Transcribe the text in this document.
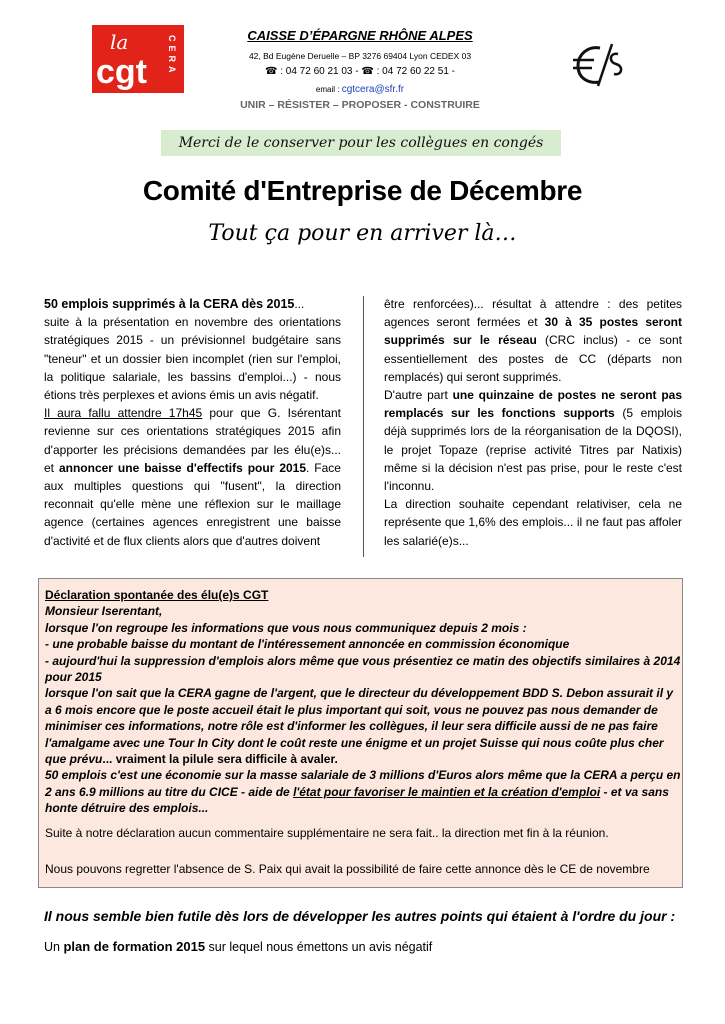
la
cgt CERA	CAISSE D’ÉPARGNE RHÔNE ALPES
42, Bd Eugène Deruelle – BP 3276 69404 Lyon CEDEX 03
☎ : 04 72 60 21 03 - ☎ : 04 72 60 22 51 -
email : cgtcera@sfr.fr
UNIR – RÉSISTER – PROPOSER - CONSTRUIRE
Merci de le conserver pour les collègues en congés
Comité d'Entreprise de Décembre
Tout ça pour en arriver là…
50 emplois supprimés à la CERA dès 2015...
suite à la présentation en novembre des orientations stratégiques 2015 - un prévisionnel budgétaire sans "teneur" et un dossier bien incomplet (rien sur l'emploi, la politique salariale, les bassins d'emploi...) - nous étions très perplexes et avions émis un avis négatif.
Il aura fallu attendre 17h45 pour que G. Isérentant revienne sur ces orientations stratégiques 2015 afin d'apporter les précisions demandées par les élu(e)s... et annoncer une baisse d'effectifs pour 2015. Face aux multiples questions qui "fusent", la direction reconnait qu'elle mène une réflexion sur le maillage agence (certaines agences enregistrent une baisse d'activité et de flux clients alors que d'autres doivent
être renforcées)... résultat à attendre : des petites agences seront fermées et 30 à 35 postes seront supprimés sur le réseau (CRC inclus) - ce sont essentiellement des postes de CC (départs non remplacés) qui seront supprimés.
D'autre part une quinzaine de postes ne seront pas remplacés sur les fonctions supports (5 emplois déjà supprimés lors de la réorganisation de la DQOSI), le projet Topaze (reprise activité Titres par Natixis) même si la décision n'est pas prise, pour le reste c'est l'inconnu.
La direction souhaite cependant relativiser, cela ne représente que 1,6% des emplois... il ne faut pas affoler les salarié(e)s...
Déclaration spontanée des élu(e)s CGT
Monsieur Iserentant,
lorsque l'on regroupe les informations que vous nous communiquez depuis 2 mois :
- une probable baisse du montant de l'intéressement annoncée en commission économique
- aujourd'hui la suppression d'emplois alors même que vous présentiez ce matin des objectifs similaires à 2014 pour 2015
lorsque l'on sait que la CERA gagne de l'argent, que le directeur du développement BDD S. Debon assurait il y a 6 mois encore que le poste accueil était le plus important qui soit, vous ne pouvez pas nous demander de minimiser ces informations, notre rôle est d'informer les collègues, il leur sera difficile aussi de ne pas faire l'amalgame avec une Tour In City dont le coût reste une énigme et un projet Suisse qui nous coûte plus cher que prévu... vraiment la pilule sera difficile à avaler.
50 emplois c'est une économie sur la masse salariale de 3 millions d'Euros alors même que la CERA a perçu en 2 ans 6.9 millions au titre du CICE - aide de l'état pour favoriser le maintien et la création d'emploi - et va sans honte détruire des emplois...
Suite à notre déclaration aucun commentaire supplémentaire ne sera fait.. la direction met fin à la réunion.
Nous pouvons regretter l'absence de S. Paix qui avait la possibilité de faire cette annonce dès le CE de novembre
Il nous semble bien futile dès lors de développer les autres points qui étaient à l'ordre du jour :
Un plan de formation 2015 sur lequel nous émettons un avis négatif
